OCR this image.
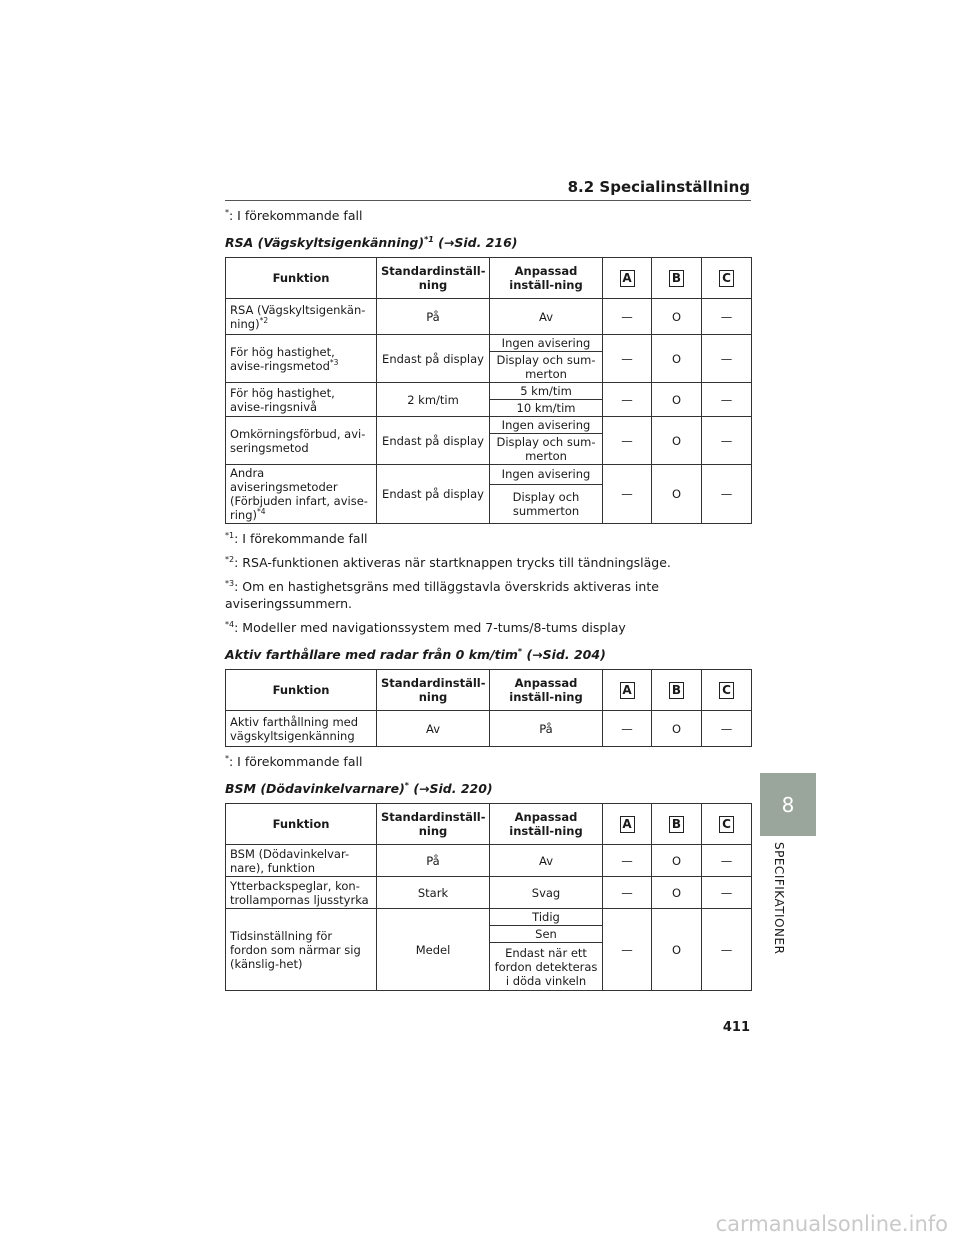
8.2 Specialinställning

*: I förekommande fall

RSA (Vägskyltsigenkänning)$^{*1}$ (→Sid. 216)
Funktion	Standardinställ-ning	Anpassad inställ-ning	A	B	C
RSA (Vägskyltsigenkän-ning)$^{*2}$	På	Av	—	O	—
För hög hastighet, avise-ringsmetod$^{*3}$	Endast på display	Ingen avisering	—	O	—
		Display och sum-merton			
För hög hastighet, avise-ringsnivå	2 km/tim	5 km/tim	—	O	—
		10 km/tim			
Omkörningsförbud, avi-seringsmetod	Endast på display	Ingen avisering	—	O	—
		Display och sum-merton			
Andra aviseringsmetoder (Förbjuden infart, avise-ring)$^{*4}$	Endast på display	Ingen avisering	—	O	—
		Display och summerton			

$^{*1}$: I förekommande fall

$^{*2}$: RSA-funktionen aktiveras när startknappen trycks till tändningsläge.

$^{*3}$: Om en hastighetsgräns med tilläggstavla överskrids aktiveras inte aviseringssummern.

$^{*4}$: Modeller med navigationssystem med 7-tums/8-tums display

Aktiv farthållare med radar från 0 km/tim* (→Sid. 204)
Funktion	Standardinställ-ning	Anpassad inställ-ning	A	B	C
Aktiv farthållning med vägskyltsigenkänning	Av	På	—	O	—

*: I förekommande fall

BSM (Dödavinkelvarnare)* (→Sid. 220)
Funktion	Standardinställ-ning	Anpassad inställ-ning	A	B	C
BSM (Dödavinkelvar-nare), funktion	På	Av	—	O	—
Ytterbackspeglar, kon-trollampornas ljusstyrka	Stark	Svag	—	O	—
Tidsinställning för fordon som närmar sig (känslig-het)	Medel	Tidig	—	O	—
		Sen			
		Endast när ett fordon detekteras i döda vinkeln			
8
SPECIFIKATIONER
411
carmanualsonline.info
